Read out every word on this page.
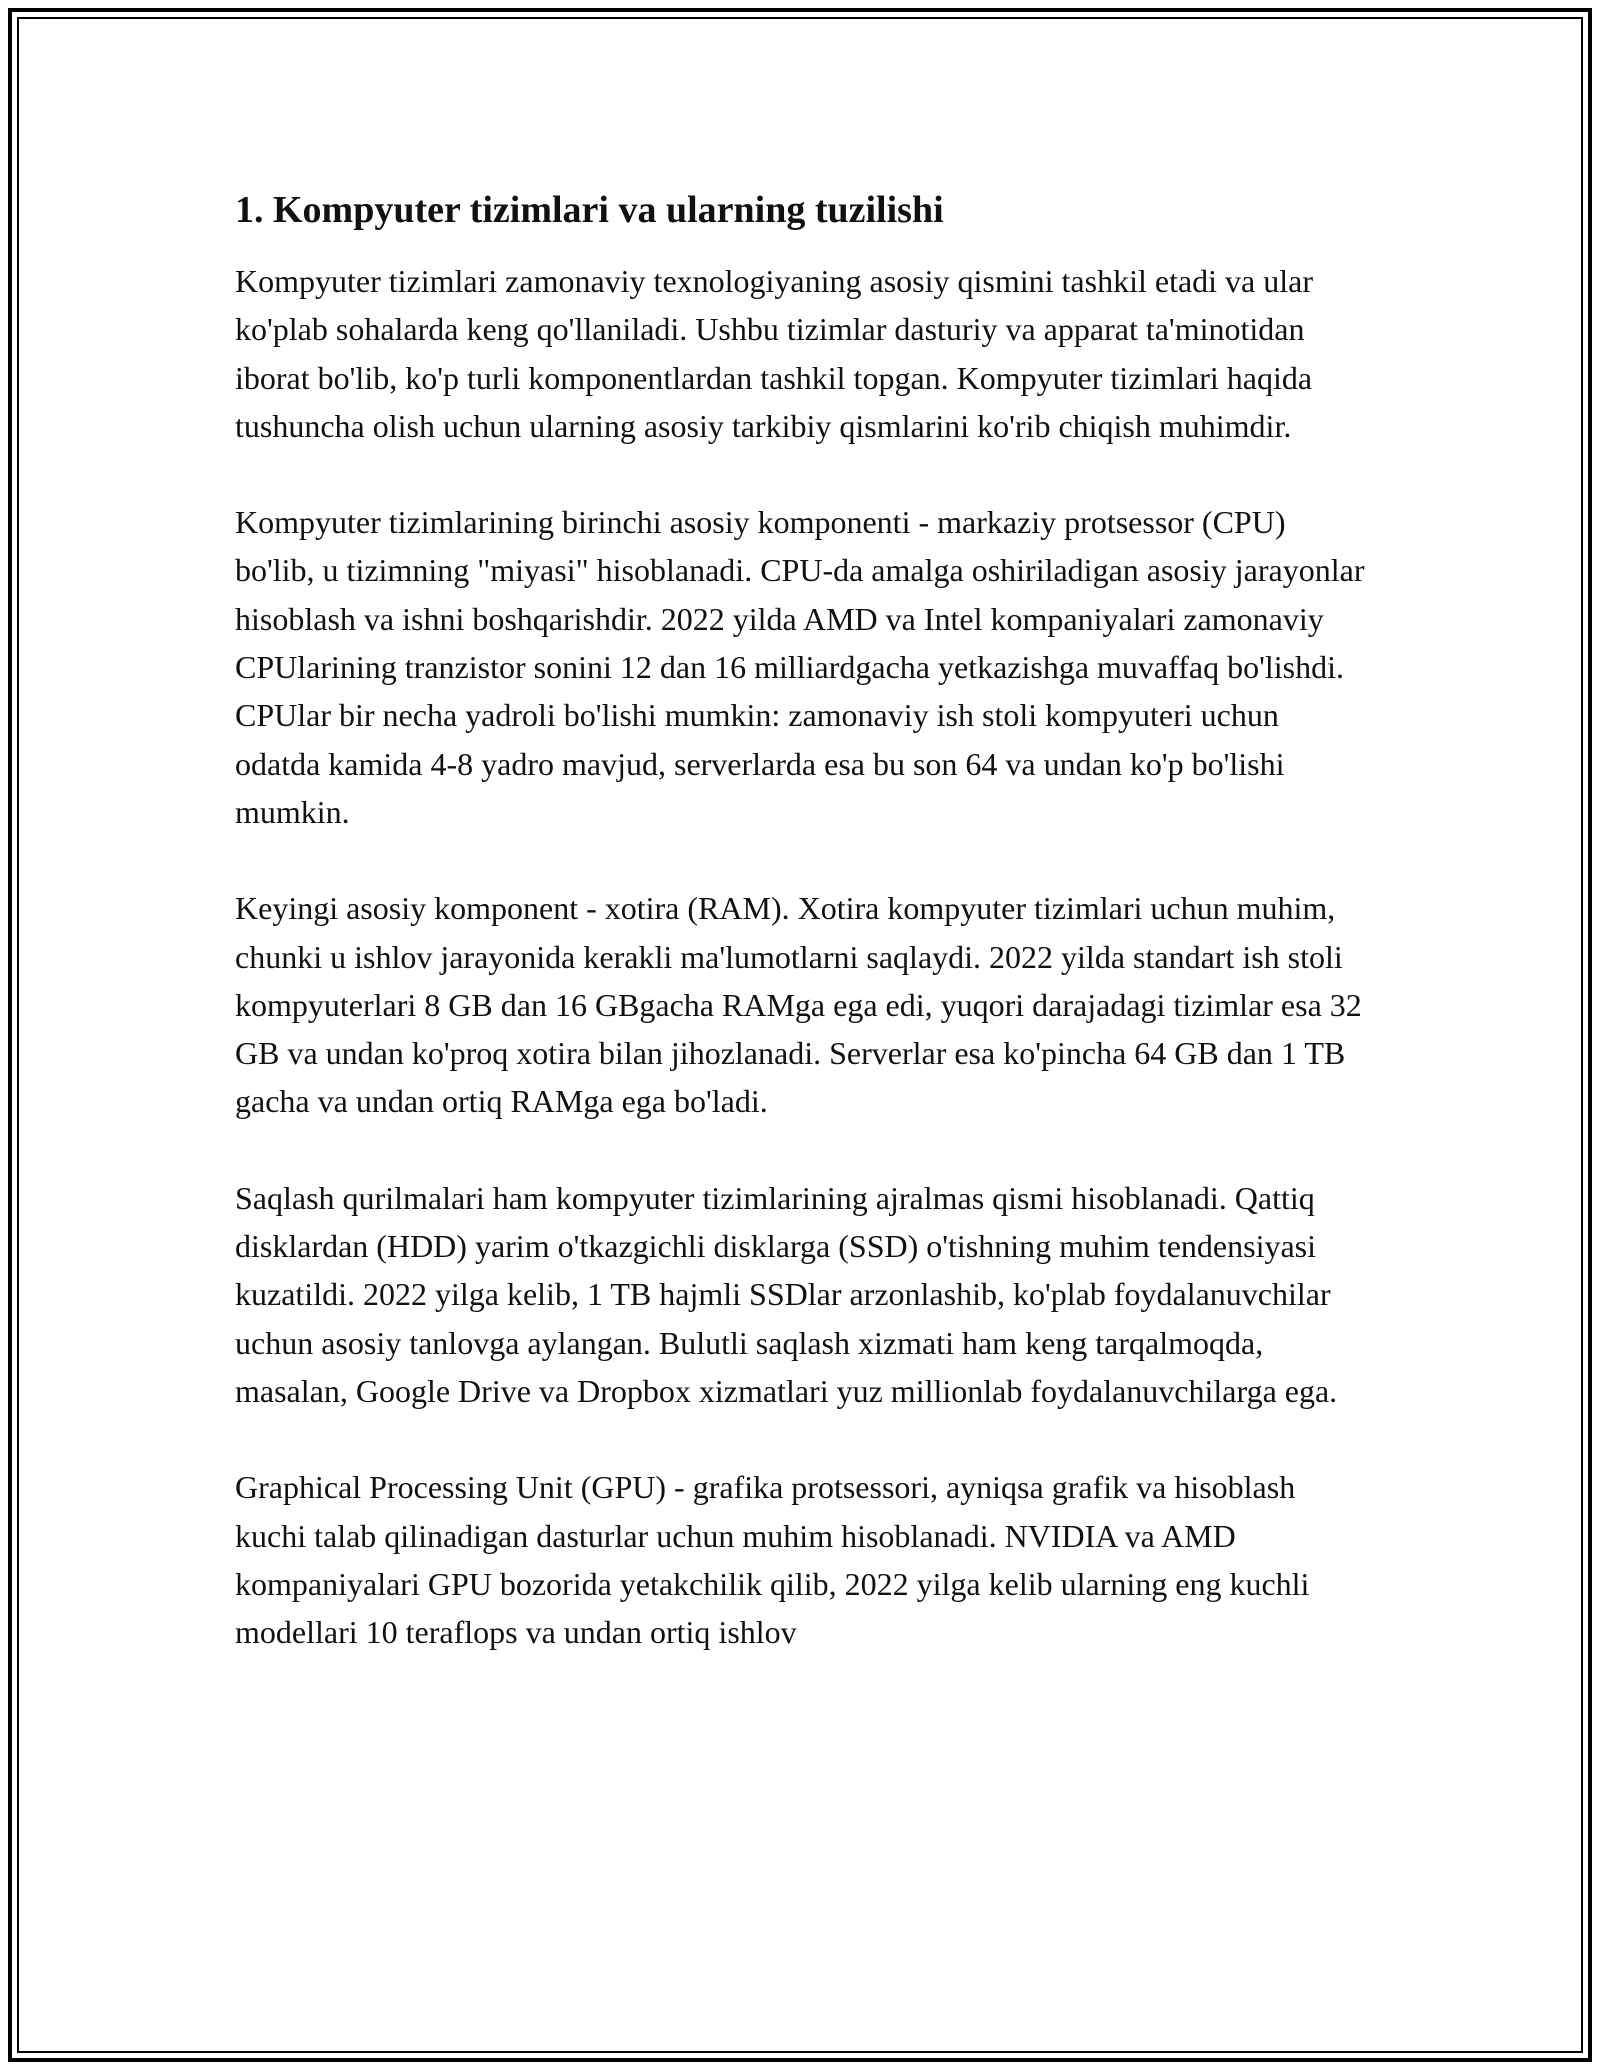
1. Kompyuter tizimlari va ularning tuzilishi

Kompyuter tizimlari zamonaviy texnologiyaning asosiy qismini tashkil etadi va ular ko'plab sohalarda keng qo'llaniladi. Ushbu tizimlar dasturiy va apparat ta'minotidan iborat bo'lib, ko'p turli komponentlardan tashkil topgan. Kompyuter tizimlari haqida tushuncha olish uchun ularning asosiy tarkibiy qismlarini ko'rib chiqish muhimdir.

Kompyuter tizimlarining birinchi asosiy komponenti - markaziy protsessor (CPU) bo'lib, u tizimning "miyasi" hisoblanadi. CPU-da amalga oshiriladigan asosiy jarayonlar hisoblash va ishni boshqarishdir. 2022 yilda AMD va Intel kompaniyalari zamonaviy CPUlarining tranzistor sonini 12 dan 16 milliardgacha yetkazishga muvaffaq bo'lishdi. CPUlar bir necha yadroli bo'lishi mumkin: zamonaviy ish stoli kompyuteri uchun odatda kamida 4-8 yadro mavjud, serverlarda esa bu son 64 va undan ko'p bo'lishi mumkin.

Keyingi asosiy komponent - xotira (RAM). Xotira kompyuter tizimlari uchun muhim, chunki u ishlov jarayonida kerakli ma'lumotlarni saqlaydi. 2022 yilda standart ish stoli kompyuterlari 8 GB dan 16 GBgacha RAMga ega edi, yuqori darajadagi tizimlar esa 32 GB va undan ko'proq xotira bilan jihozlanadi. Serverlar esa ko'pincha 64 GB dan 1 TB gacha va undan ortiq RAMga ega bo'ladi.

Saqlash qurilmalari ham kompyuter tizimlarining ajralmas qismi hisoblanadi. Qattiq disklardan (HDD) yarim o'tkazgichli disklarga (SSD) o'tishning muhim tendensiyasi kuzatildi. 2022 yilga kelib, 1 TB hajmli SSDlar arzonlashib, ko'plab foydalanuvchilar uchun asosiy tanlovga aylangan. Bulutli saqlash xizmati ham keng tarqalmoqda, masalan, Google Drive va Dropbox xizmatlari yuz millionlab foydalanuvchilarga ega.

Graphical Processing Unit (GPU) - grafika protsessori, ayniqsa grafik va hisoblash kuchi talab qilinadigan dasturlar uchun muhim hisoblanadi. NVIDIA va AMD kompaniyalari GPU bozorida yetakchilik qilib, 2022 yilga kelib ularning eng kuchli modellari 10 teraflops va undan ortiq ishlov
